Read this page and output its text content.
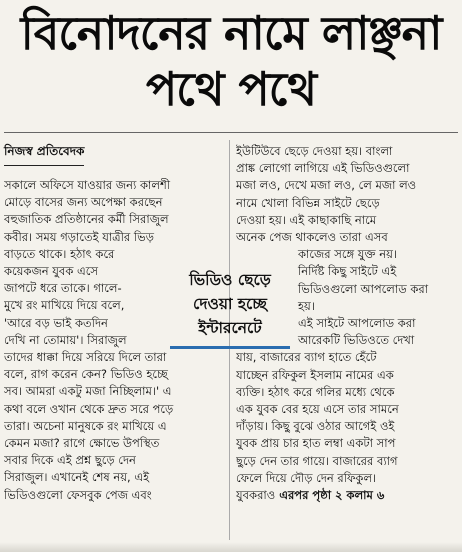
বিনোদনের নামে লাঞ্ছনা
পথে পথে
নিজস্ব প্রতিবেদক
সকালে অফিসে যাওয়ার জন্য কালশী
মোড়ে বাসের জন্য অপেক্ষা করছেন
বহুজাতিক প্রতিষ্ঠানের কর্মী সিরাজুল
কবীর। সময় গড়াতেই যাত্রীর ভিড়
বাড়তে থাকে। হঠাৎ করে
কয়েকজন যুবক এসে
জাপটে ধরে তাকে। গালে-
মুখে রং মাখিয়ে দিয়ে বলে,
'আরে বড় ভাই কতদিন
দেখি না তোমায়'। সিরাজুল
তাদের ধাক্কা দিয়ে সরিয়ে দিলে তারা
বলে, রাগ করেন কেন? ভিডিও হচ্ছে
সব। আমরা একটু মজা নিচ্ছিলাম।' এ
কথা বলে ওখান থেকে দ্রুত সরে পড়ে
তারা। অচেনা মানুষকে রং মাখিয়ে এ
কেমন মজা? রাগে ক্ষোভে উপস্থিত
সবার দিকে এই প্রশ্ন ছুড়ে দেন
সিরাজুল। এখানেই শেষ নয়, এই
ভিডিওগুলো ফেসবুক পেজ এবং
ইউটিউবে ছেড়ে দেওয়া হয়। বাংলা
প্রাঙ্ক লোগো লাগিয়ে এই ভিডিওগুলো
মজা লও, দেখে মজা লও, লে মজা লও
নামে খোলা বিভিন্ন সাইটে ছেড়ে
দেওয়া হয়। এই কাছাকাছি নামে
অনেক পেজ থাকলেও তারা এসব
কাজের সঙ্গে যুক্ত নয়।
নির্দিষ্ট কিছু সাইটে এই
ভিডিওগুলো আপলোড করা
হয়।
এই সাইটে আপলোড করা
আরেকটি ভিডিওতে দেখা
যায়, বাজারের ব্যাগ হাতে হেঁটে
যাচ্ছেন রফিকুল ইসলাম নামের এক
ব্যক্তি। হঠাৎ করে গলির মধ্যে থেকে
এক যুবক বের হয়ে এসে তার সামনে
দাঁড়ায়। কিছু বুঝে ওঠার আগেই ওই
যুবক প্রায় চার হাত লম্বা একটা সাপ
ছুড়ে দেন তার গায়ে। বাজারের ব্যাগ
ফেলে দিয়ে দৌড় দেন রফিকুল।
যুবকরাও এরপর পৃষ্ঠা ২ কলাম ৬
ভিডিও ছেড়ে
দেওয়া হচ্ছে
ইন্টারনেটে
